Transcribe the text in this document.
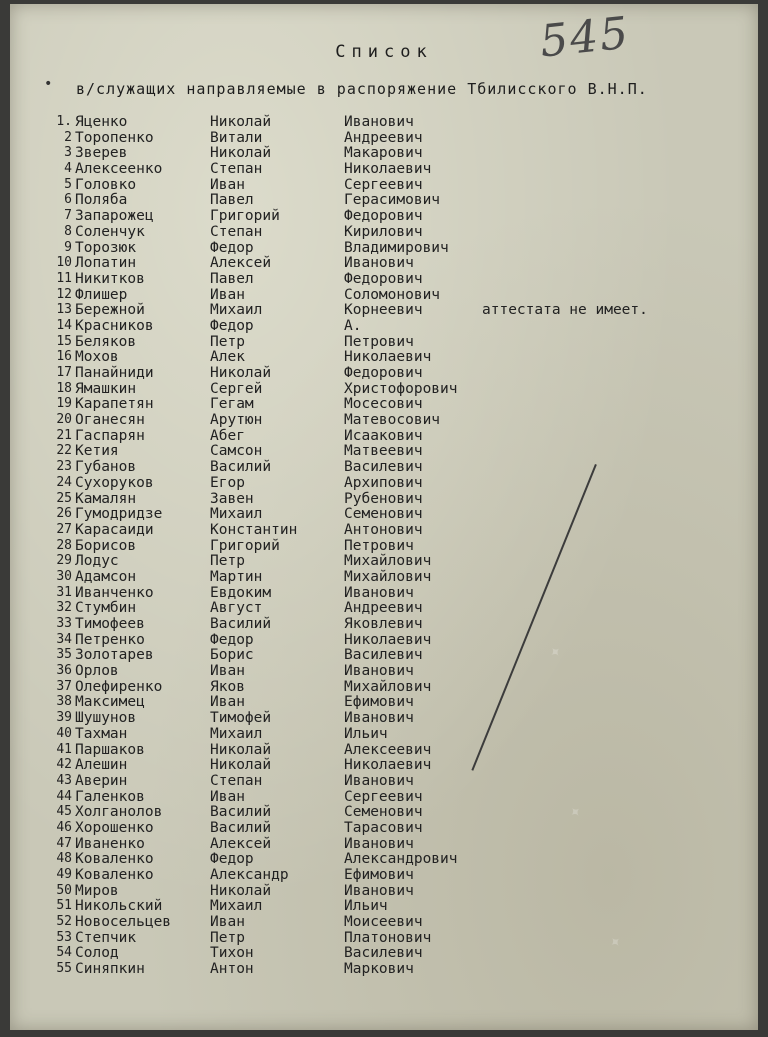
545
Список
• в/служащих направляемые в распоряжение Тбилисского В.Н.П.
1. Яценко	Николай	Иванович
2 Торопенко	Витали	Андреевич
3 Зверев	Николай	Макарович
4 Алексеенко	Степан	Николаевич
5 Головко	Иван	Сергеевич
6 Поляба	Павел	Герасимович
7 Запарожец	Григорий	Федорович
8 Соленчук	Степан	Кирилович
9 Торозюк	Федор	Владимирович
10 Лопатин	Алексей	Иванович
11 Никитков	Павел	Федорович
12 Флишер	Иван	Соломонович
13 Бережной	Михаил	Корнеевич	аттестата не имеет.
14 Красников	Федор	А.
15 Беляков	Петр	Петрович
16 Мохов	Алек	Николаевич
17 Панайниди	Николай	Федорович
18 Ямашкин	Сергей	Христофорович
19 Карапетян	Гегам	Мосесович
20 Оганесян	Арутюн	Матевосович
21 Гаспарян	Абег	Исаакович
22 Кетия	Самсон	Матвеевич
23 Губанов	Василий	Василевич
24 Сухоруков	Егор	Архипович
25 Камалян	Завен	Рубенович
26 Гумодридзе	Михаил	Семенович
27 Карасаиди	Константин	Антонович
28 Борисов	Григорий	Петрович
29 Лодус	Петр	Михайлович
30 Адамсон	Мартин	Михайлович
31 Иванченко	Евдоким	Иванович
32 Стумбин	Август	Андреевич
33 Тимофеев	Василий	Яковлевич
34 Петренко	Федор	Николаевич
35 Золотарев	Борис	Василевич
36 Орлов	Иван	Иванович
37 Олефиренко	Яков	Михайлович
38 Максимец	Иван	Ефимович
39 Шушунов	Тимофей	Иванович
40 Тахман	Михаил	Ильич
41 Паршаков	Николай	Алексеевич
42 Алешин	Николай	Николаевич
43 Аверин	Степан	Иванович
44 Галенков	Иван	Сергеевич
45 Холганолов	Василий	Семенович
46 Хорошенко	Василий	Тарасович
47 Иваненко	Алексей	Иванович
48 Коваленко	Федор	Александрович
49 Коваленко	Александр	Ефимович
50 Миров	Николай	Иванович
51 Никольский	Михаил	Ильич
52 Новосельцев	Иван	Моисеевич
53 Степчик	Петр	Платонович
54 Солод	Тихон	Василевич
55 Синяпкин	Антон	Маркович
✦
✦
✦
